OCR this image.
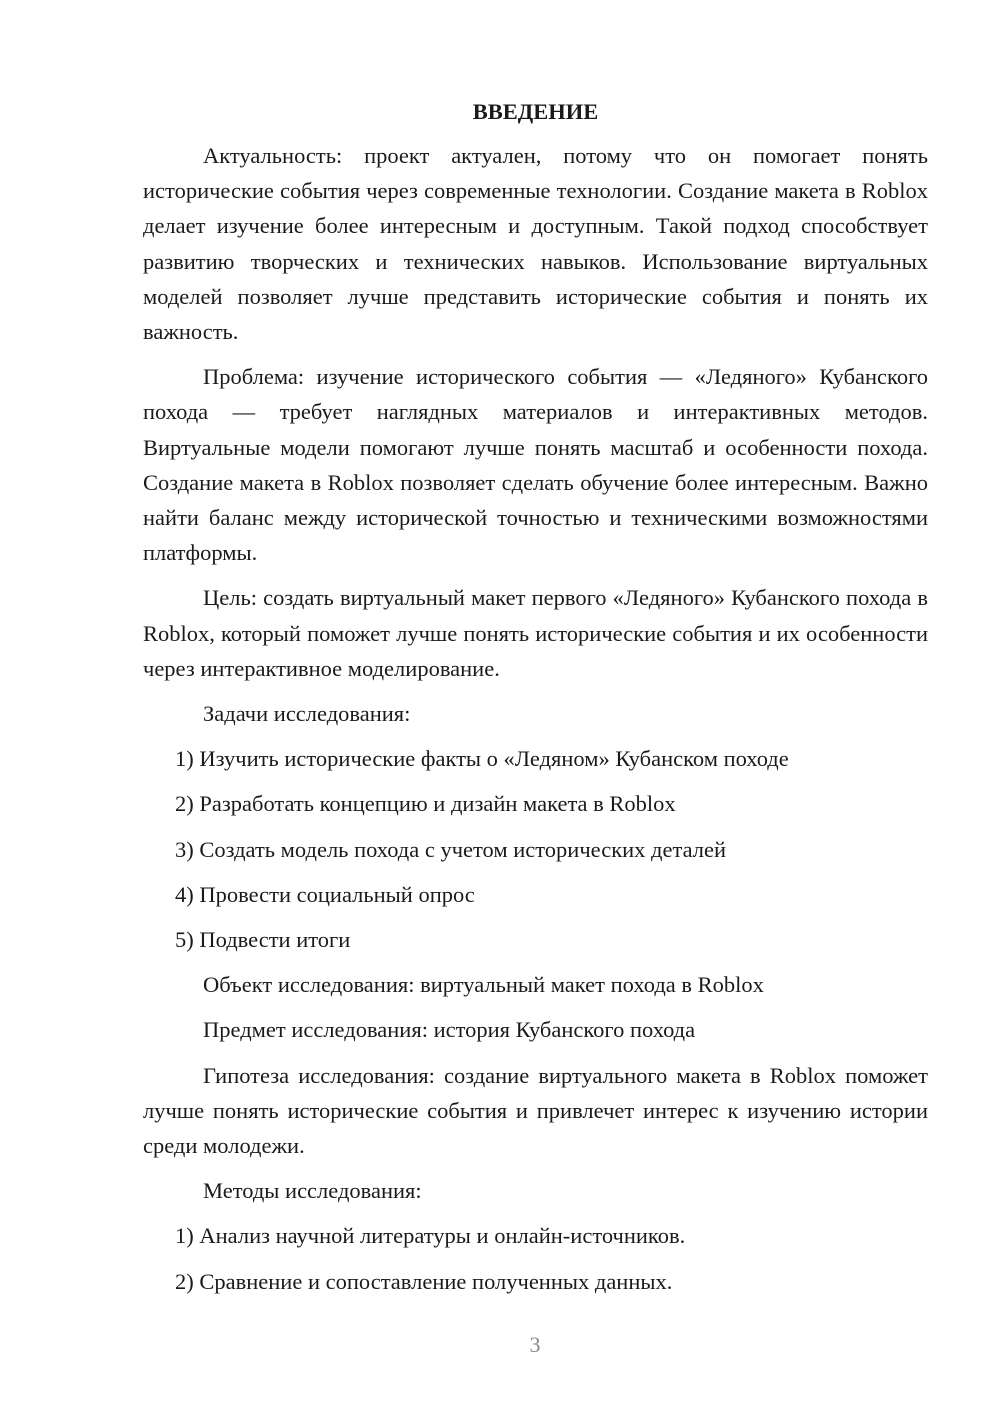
ВВЕДЕНИЕ

Актуальность: проект актуален, потому что он помогает понять исторические события через современные технологии. Создание макета в Roblox делает изучение более интересным и доступным. Такой подход способствует развитию творческих и технических навыков. Использование виртуальных моделей позволяет лучше представить исторические события и понять их важность.

Проблема: изучение исторического события — «Ледяного» Кубанского похода — требует наглядных материалов и интерактивных методов. Виртуальные модели помогают лучше понять масштаб и особенности похода. Создание макета в Roblox позволяет сделать обучение более интересным. Важно найти баланс между исторической точностью и техническими возможностями платформы.

Цель: создать виртуальный макет первого «Ледяного» Кубанского похода в Roblox, который поможет лучше понять исторические события и их особенности через интерактивное моделирование.

Задачи исследования:
1) Изучить исторические факты о «Ледяном» Кубанском походе
2) Разработать концепцию и дизайн макета в Roblox
3) Создать модель похода с учетом исторических деталей
4) Провести социальный опрос
5) Подвести итоги
Объект исследования: виртуальный макет похода в Roblox
Предмет исследования: история Кубанского похода

Гипотеза исследования: создание виртуального макета в Roblox поможет лучше понять исторические события и привлечет интерес к изучению истории среди молодежи.

Методы исследования:
1) Анализ научной литературы и онлайн-источников.
2) Сравнение и сопоставление полученных данных.
3
